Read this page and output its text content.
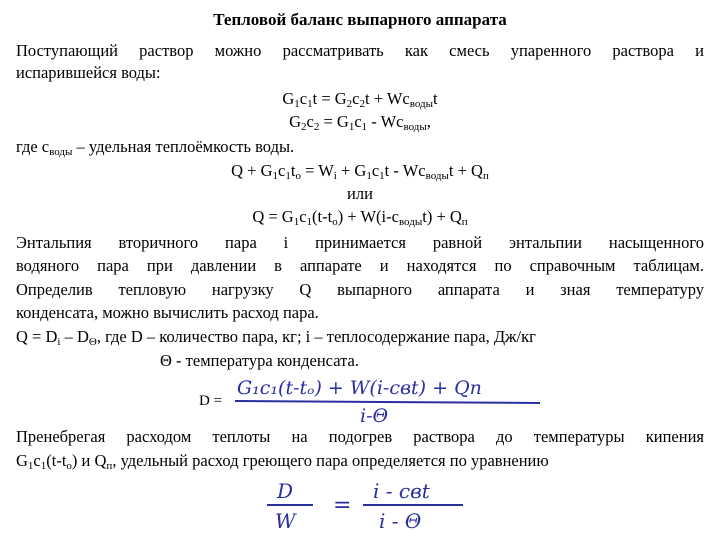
Тепловой баланс выпарного аппарата
Поступающий раствор можно рассматривать как смесь упаренного раствора и
испарившейся воды:
$G_1c_1t = G_2c_2t + Wc_{воды}t$
$G_2c_2 = G_1c_1 - Wc_{воды}$,
где $с_{воды}$ – удельная теплоёмкость воды.
$Q + G_1c_1t_o = W_i + G_1c_1t - Wc_{воды}t + Q_п$
или
$Q = G_1c_1(t-t_o) + W(i-c_{воды}t) + Q_п$
Энтальпия вторичного пара i принимается равной энтальпии насыщенного
водяного пара при давлении в аппарате и находятся по справочным таблицам.
Определив тепловую нагрузку Q выпарного аппарата и зная температуру
конденсата, можно вычислить расход пара.
$Q = D_i - D_\Theta$, где D – количество пара, кг; i – теплосодержание пара, Дж/кг
Θ - температура конденсата.
D =
G₁c₁(t-tₒ) + W(i-cвt) + Qп
i-Θ
Пренебрегая расходом теплоты на подогрев раствора до температуры кипения
$G_1c_1(t-t_o)$ и $Q_п$, удельный расход греющего пара определяется по уравнению
D
W
=
i - cвt
i - Θ
